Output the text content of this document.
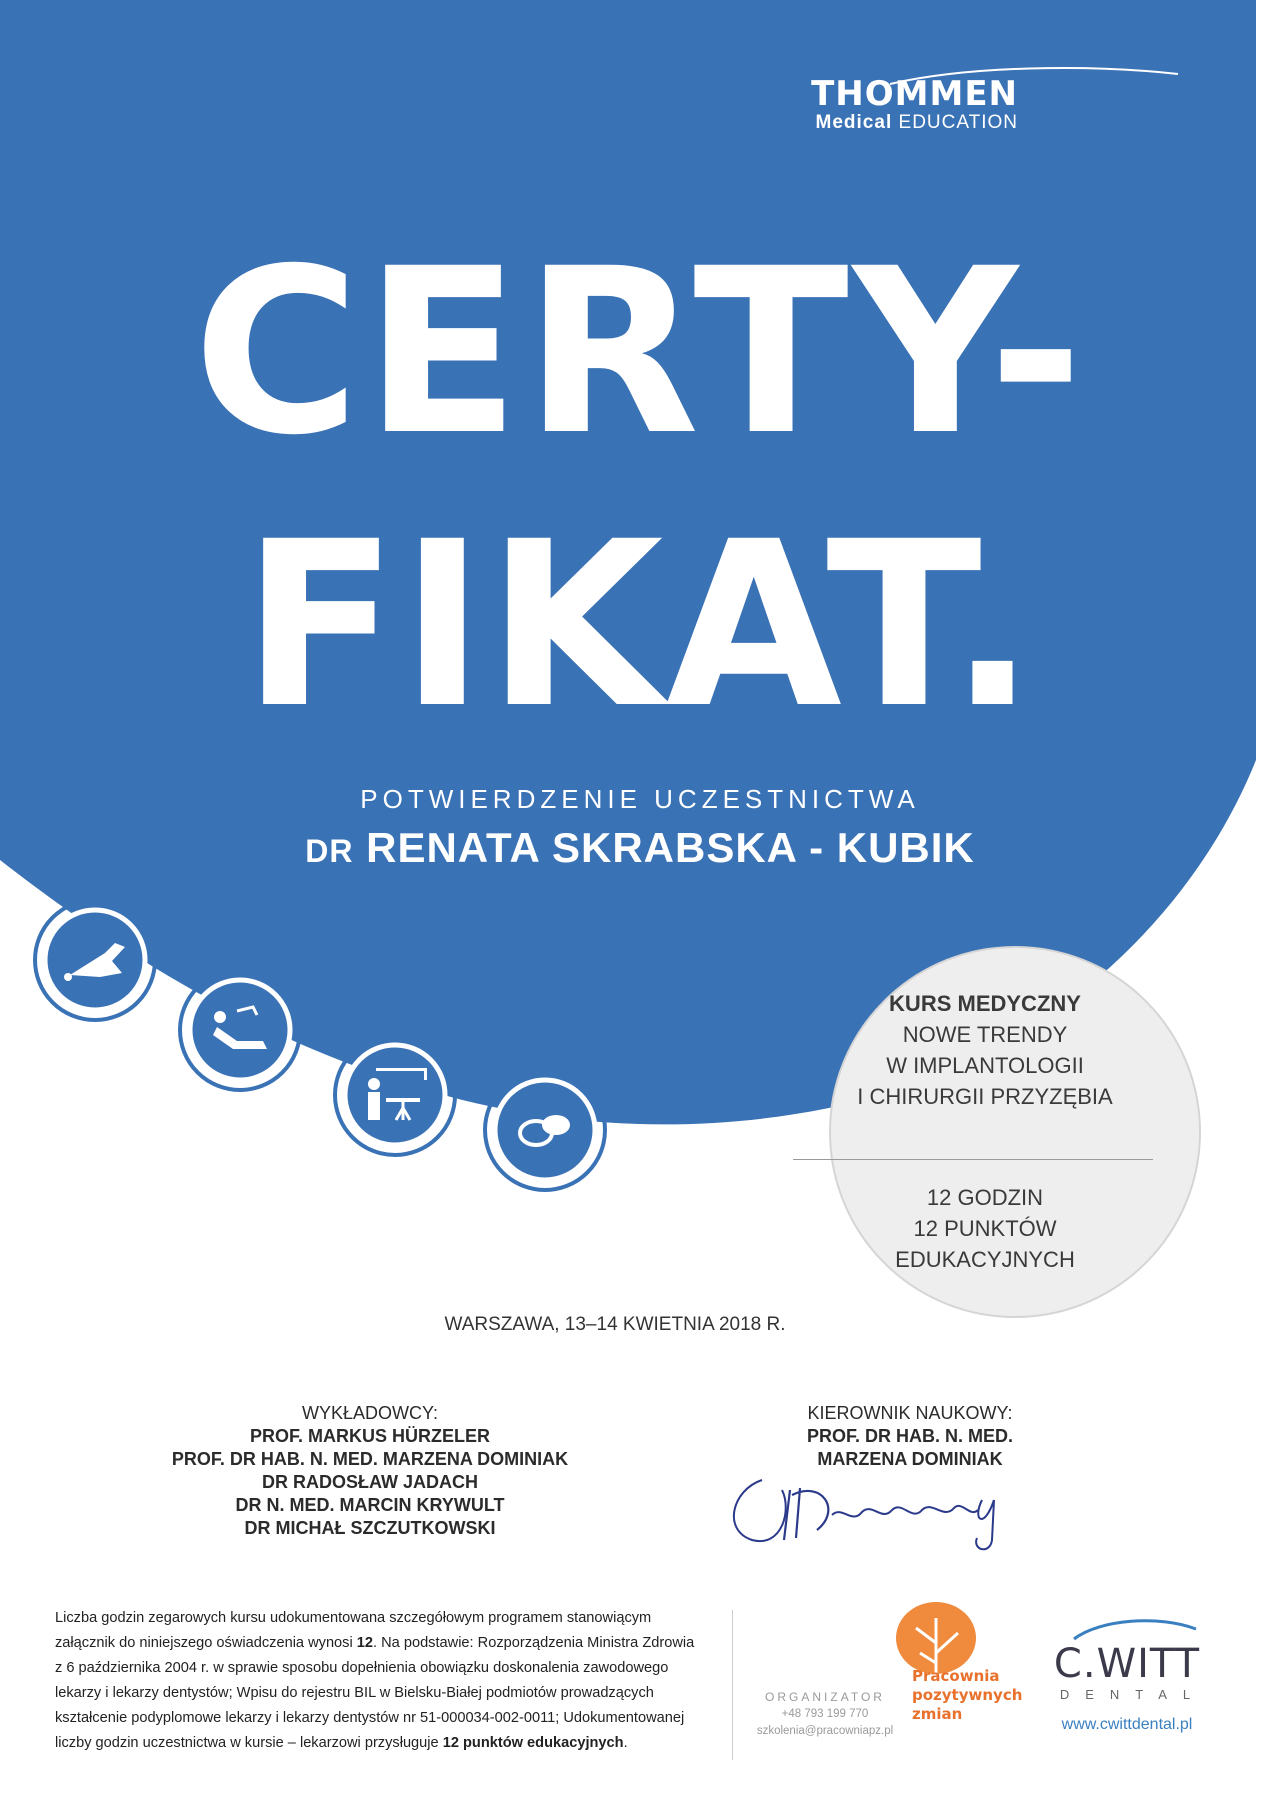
THOMMEN
Medical EDUCATION
CERTY-
FIKAT.
POTWIERDZENIE UCZESTNICTWA
DR RENATA SKRABSKA - KUBIK
KURS MEDYCZNY
NOWE TRENDY
W IMPLANTOLOGII
I CHIRURGII PRZYZĘBIA
12 GODZIN
12 PUNKTÓW
EDUKACYJNYCH
WARSZAWA, 13–14 KWIETNIA 2018 R.
WYKŁADOWCY:
PROF. MARKUS HÜRZELER
PROF. DR HAB. N. MED. MARZENA DOMINIAK
DR RADOSŁAW JADACH
DR N. MED. MARCIN KRYWULT
DR MICHAŁ SZCZUTKOWSKI
KIEROWNIK NAUKOWY:
PROF. DR HAB. N. MED.
MARZENA DOMINIAK
Liczba godzin zegarowych kursu udokumentowana szczegółowym programem stanowiącym
załącznik do niniejszego oświadczenia wynosi 12. Na podstawie: Rozporządzenia Ministra Zdrowia
z 6 października 2004 r. w sprawie sposobu dopełnienia obowiązku doskonalenia zawodowego
lekarzy i lekarzy dentystów; Wpisu do rejestru BIL w Bielsku-Białej podmiotów prowadzących
kształcenie podyplomowe lekarzy i lekarzy dentystów nr 51-000034-002-0011; Udokumentowanej
liczby godzin uczestnictwa w kursie – lekarzowi przysługuje 12 punktów edukacyjnych.
ORGANIZATOR
+48 793 199 770
szkolenia@pracowniapz.pl
Pracownia
pozytywnych
zmian
C.WITT
DENTAL
www.cwittdental.pl
